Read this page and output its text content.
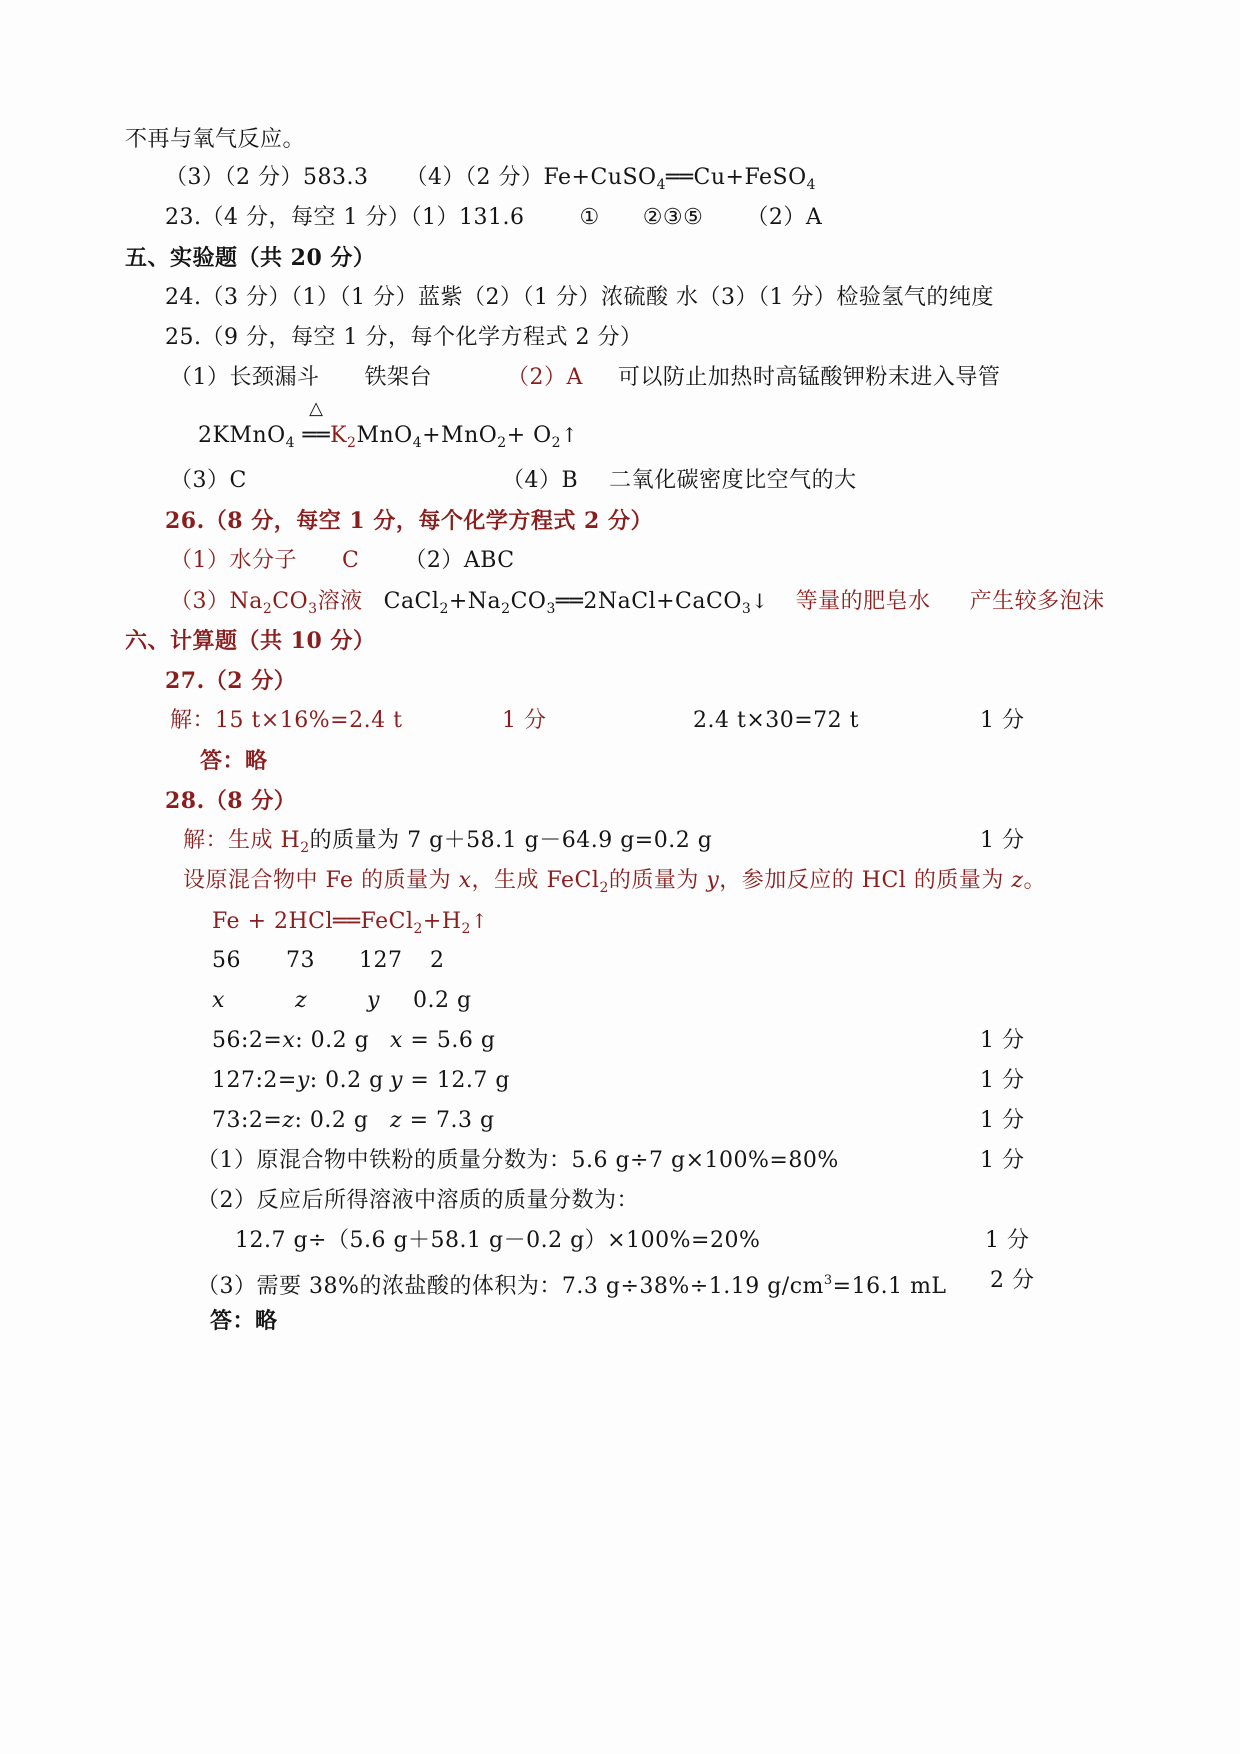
不再与氧气反应。
（3）（2 分）583.3 （4）（2 分）Fe+CuSO$_4$══Cu+FeSO$_4$
23.（4 分，每空 1 分）（1）131.6	① ②③⑤ （2）A
五、实验题（共 20 分）
24.（3 分）（1）（1 分）蓝紫（2）（1 分）浓硫酸 水（3）（1 分）检验氢气的纯度
25.（9 分，每空 1 分，每个化学方程式 2 分）
（1）长颈漏斗 铁架台	（2）A 可以防止加热时高锰酸钾粉末进入导管
2KMnO$_4$
△
$══K_2MnO_4+MnO_2+$ $O_2↑$
（3）C	（4）B 二氧化碳密度比空气的大
26.（8 分，每空 1 分，每个化学方程式 2 分）
（1）水分子 C （2）ABC
$(3)Na_2CO_3$溶液 $CaCl_2+Na_2CO_3══2NaCl+CaCO_3↓$ 等量的肥皂水 产生较多泡沫
六、计算题（共 10 分）
27.（2 分）
解：15 t×16%=2.4 t	1 分	2.4 t×30=72 t	1 分
答：略
28.（8 分）
解：生成 $H_2$的质量为 7 g＋58.1 g－64.9 g=0.2 g	1 分
设原混合物中 Fe 的质量为 x，生成 FeCl$_2$的质量为 y，参加反应的 HCl 的质量为 z。
$Fe + 2HCl══FeCl_2+H_2↑$
56 73 127 2
x	z	y 0.2 g
56:2=x: 0.2 g x = 5.6 g	1 分
127:2=y: 0.2 g y = 12.7 g	1 分
73:2=z: 0.2 g z = 7.3 g	1 分
（1）原混合物中铁粉的质量分数为：5.6 g÷7 g×100%=80%	1 分
（2）反应后所得溶液中溶质的质量分数为：
12.7 g÷（5.6 g＋58.1 g－0.2 g）×100%=20%	1 分
（3）需要 38%的浓盐酸的体积为：7.3 g÷38%÷1.19 $g/cm^3=16.1$ mL 2 分
答：略
